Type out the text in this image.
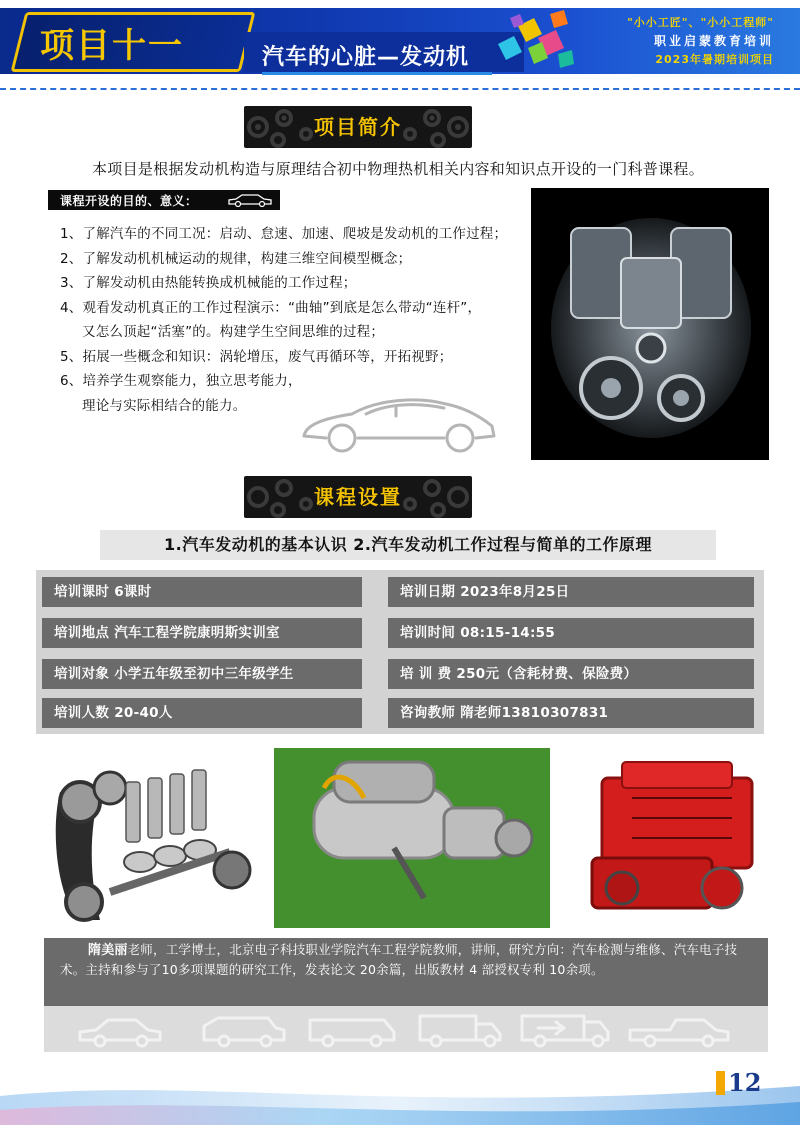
项目十一	汽车的心脏—发动机
"小小工匠"、"小小工程师"
职业启蒙教育培训
2023年暑期培训项目
项目简介
本项目是根据发动机构造与原理结合初中物理热机相关内容和知识点开设的一门科普课程。
课程开设的目的、意义：
1、了解汽车的不同工况：启动、怠速、加速、爬坡是发动机的工作过程；
2、了解发动机机械运动的规律，构建三维空间模型概念；
3、了解发动机由热能转换成机械能的工作过程；
4、观看发动机真正的工作过程演示：“曲轴”到底是怎么带动“连杆”，
又怎么顶起“活塞”的。构建学生空间思维的过程；
5、拓展一些概念和知识：涡轮增压，废气再循环等，开拓视野；
6、培养学生观察能力，独立思考能力，
理论与实际相结合的能力。
课程设置
1.汽车发动机的基本认识 2.汽车发动机工作过程与简单的工作原理
培训课时 6课时	培训日期 2023年8月25日
培训地点 汽车工程学院康明斯实训室	培训时间 08:15-14:55
培训对象 小学五年级至初中三年级学生	培 训 费 250元（含耗材费、保险费）
培训人数 20-40人	咨询教师 隋老师13810307831
隋美丽老师，工学博士，北京电子科技职业学院汽车工程学院教师，讲师，研究方向：汽车检测与维修、汽车电子技术。主持和参与了10多项课题的研究工作，发表论文 20余篇，出版教材 4 部授权专利 10余项。
12
